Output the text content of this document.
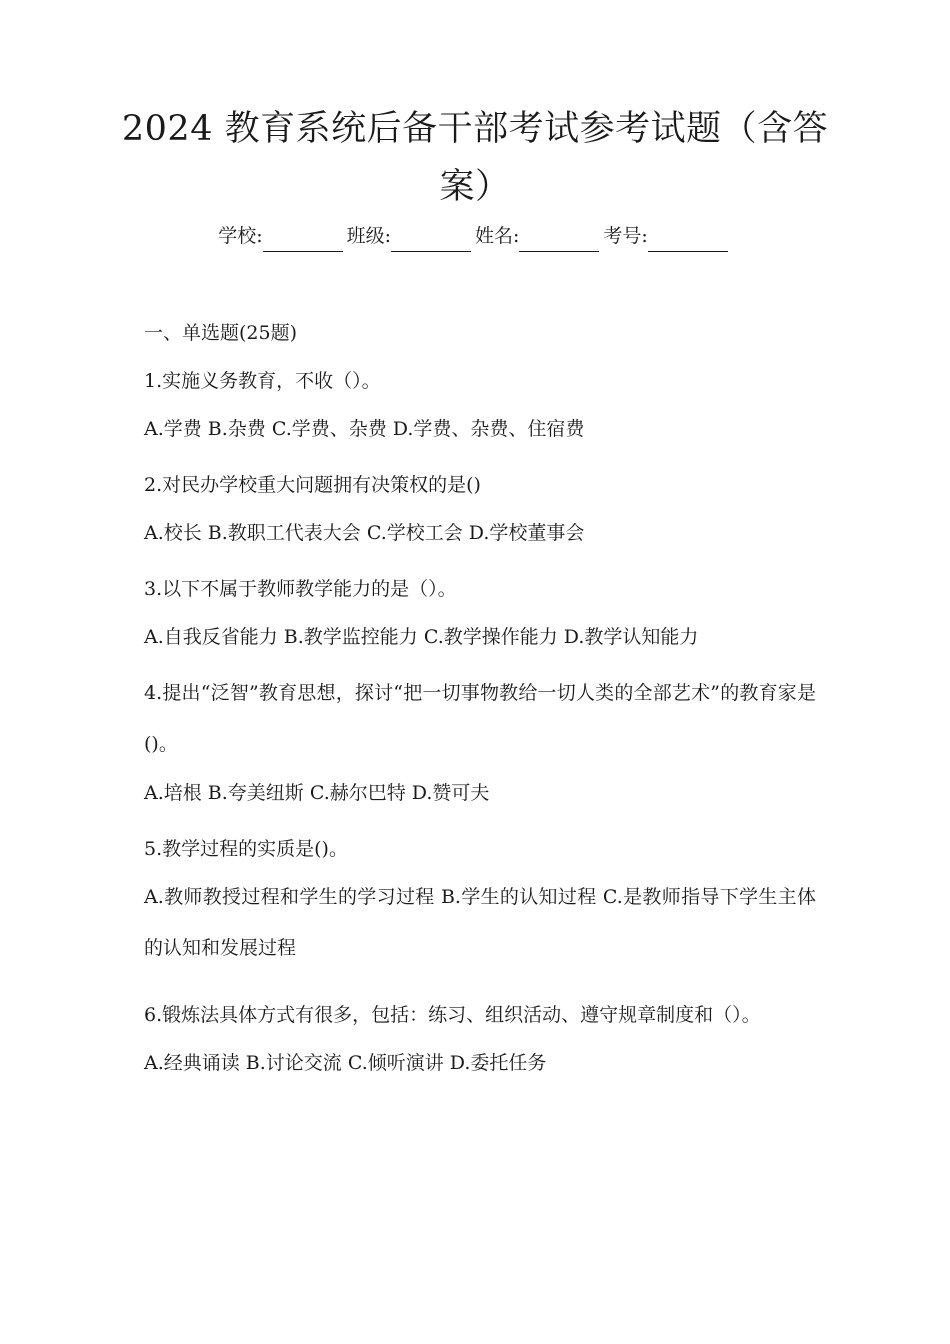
2024 教育系统后备干部考试参考试题（含答案）
学校:	班级:	姓名:	考号:

一、单选题(25题)

1.实施义务教育，不收（）。

A.学费 B.杂费 C.学费、杂费 D.学费、杂费、住宿费

2.对民办学校重大问题拥有决策权的是()

A.校长 B.教职工代表大会 C.学校工会 D.学校董事会

3.以下不属于教师教学能力的是（）。

A.自我反省能力 B.教学监控能力 C.教学操作能力 D.教学认知能力

4.提出“泛智”教育思想，探讨“把一切事物教给一切人类的全部艺术”的教育家是()。

A.培根 B.夸美纽斯 C.赫尔巴特 D.赞可夫

5.教学过程的实质是()。

A.教师教授过程和学生的学习过程 B.学生的认知过程 C.是教师指导下学生主体的认知和发展过程

6.锻炼法具体方式有很多，包括：练习、组织活动、遵守规章制度和（）。

A.经典诵读 B.讨论交流 C.倾听演讲 D.委托任务
